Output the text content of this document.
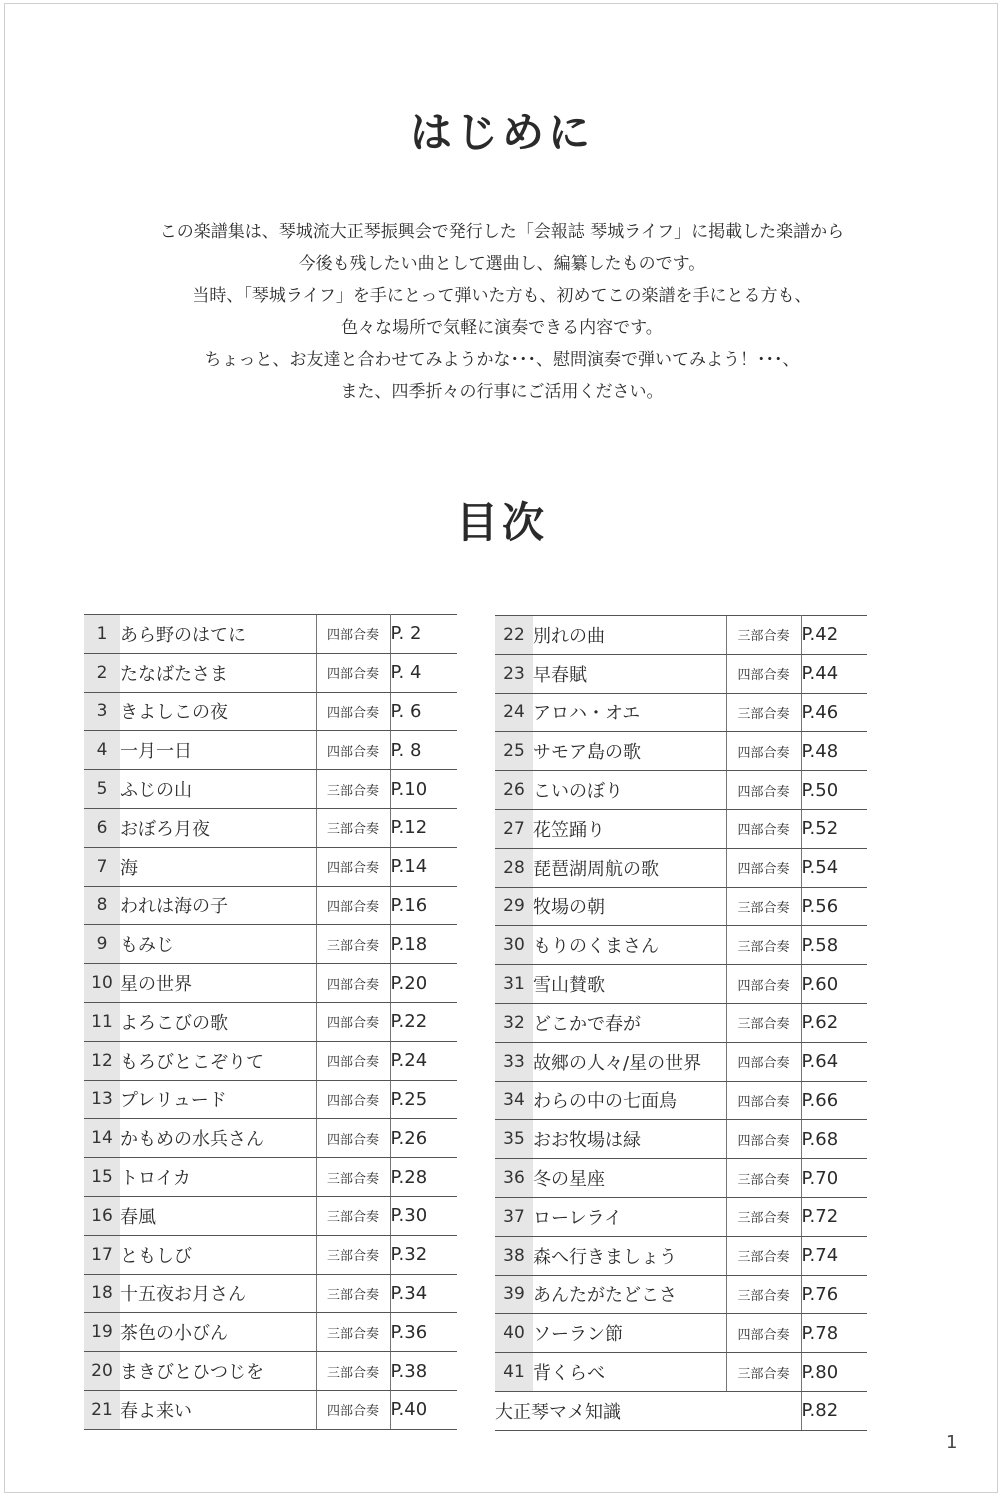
はじめに

この楽譜集は、琴城流大正琴振興会で発行した「会報誌 琴城ライフ」に掲載した楽譜から

今後も残したい曲として選曲し、編纂したものです。

当時、「琴城ライフ」を手にとって弾いた方も、初めてこの楽譜を手にとる方も、

色々な場所で気軽に演奏できる内容です。

ちょっと、お友達と合わせてみようかな･･･、慰問演奏で弾いてみよう！･･･、

また、四季折々の行事にご活用ください。

目次
1	あら野のはてに	四部合奏	P. 2
2	たなばたさま	四部合奏	P. 4
3	きよしこの夜	四部合奏	P. 6
4	一月一日	四部合奏	P. 8
5	ふじの山	三部合奏	P.10
6	おぼろ月夜	三部合奏	P.12
7	海	四部合奏	P.14
8	われは海の子	四部合奏	P.16
9	もみじ	三部合奏	P.18
10	星の世界	四部合奏	P.20
11	よろこびの歌	四部合奏	P.22
12	もろびとこぞりて	四部合奏	P.24
13	プレリュード	四部合奏	P.25
14	かもめの水兵さん	四部合奏	P.26
15	トロイカ	三部合奏	P.28
16	春風	三部合奏	P.30
17	ともしび	三部合奏	P.32
18	十五夜お月さん	三部合奏	P.34
19	茶色の小びん	三部合奏	P.36
20	まきびとひつじを	三部合奏	P.38
21	春よ来い	四部合奏	P.40
22	別れの曲	三部合奏	P.42
23	早春賦	四部合奏	P.44
24	アロハ・オエ	三部合奏	P.46
25	サモア島の歌	四部合奏	P.48
26	こいのぼり	四部合奏	P.50
27	花笠踊り	四部合奏	P.52
28	琵琶湖周航の歌	四部合奏	P.54
29	牧場の朝	三部合奏	P.56
30	もりのくまさん	三部合奏	P.58
31	雪山賛歌	四部合奏	P.60
32	どこかで春が	三部合奏	P.62
33	故郷の人々/星の世界	四部合奏	P.64
34	わらの中の七面鳥	四部合奏	P.66
35	おお牧場は緑	四部合奏	P.68
36	冬の星座	三部合奏	P.70
37	ローレライ	三部合奏	P.72
38	森へ行きましょう	三部合奏	P.74
39	あんたがたどこさ	三部合奏	P.76
40	ソーラン節	四部合奏	P.78
41	背くらべ	三部合奏	P.80
大正琴マメ知識			P.82
1
